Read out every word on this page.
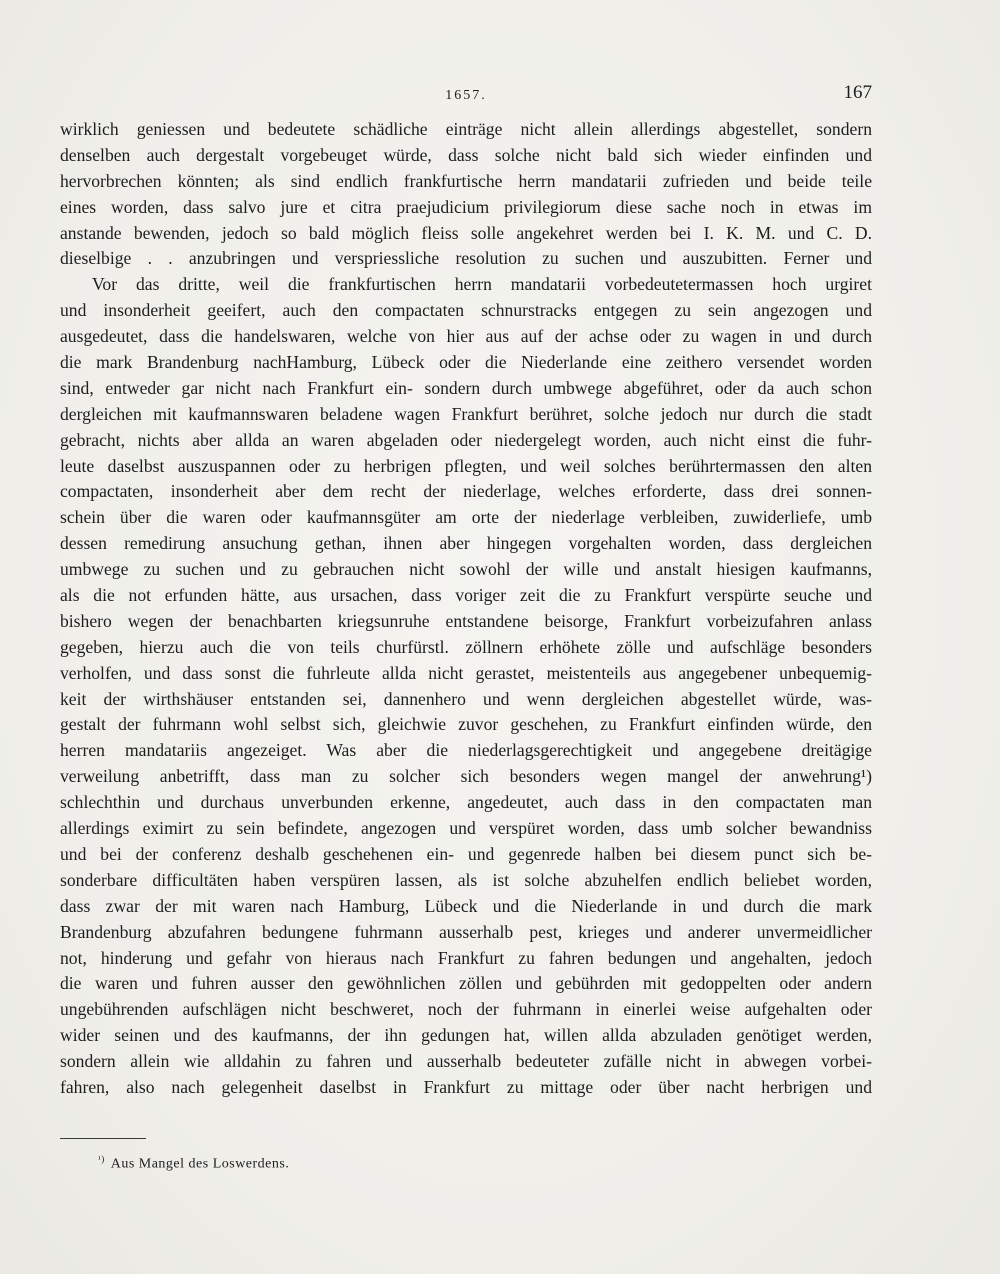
1657.	167
wirklich geniessen und bedeutete schädliche einträge nicht allein allerdings abgestellet, sondern
denselben auch dergestalt vorgebeuget würde, dass solche nicht bald sich wieder einfinden und
hervorbrechen könnten; als sind endlich frankfurtische herrn mandatarii zufrieden und beide teile
eines worden, dass salvo jure et citra praejudicium privilegiorum diese sache noch in etwas im
anstande bewenden, jedoch so bald möglich fleiss solle angekehret werden bei I. K. M. und C. D.
dieselbige . . anzubringen und verspriessliche resolution zu suchen und auszubitten. Ferner und
Vor das dritte, weil die frankfurtischen herrn mandatarii vorbedeutetermassen hoch urgiret
und insonderheit geeifert, auch den compactaten schnurstracks entgegen zu sein angezogen und
ausgedeutet, dass die handelswaren, welche von hier aus auf der achse oder zu wagen in und durch
die mark Brandenburg nachHamburg, Lübeck oder die Niederlande eine zeithero versendet worden
sind, entweder gar nicht nach Frankfurt ein- sondern durch umbwege abgeführet, oder da auch schon
dergleichen mit kaufmannswaren beladene wagen Frankfurt berühret, solche jedoch nur durch die stadt
gebracht, nichts aber allda an waren abgeladen oder niedergelegt worden, auch nicht einst die fuhr-
leute daselbst auszuspannen oder zu herbrigen pflegten, und weil solches berührtermassen den alten
compactaten, insonderheit aber dem recht der niederlage, welches erforderte, dass drei sonnen-
schein über die waren oder kaufmannsgüter am orte der niederlage verbleiben, zuwiderliefe, umb
dessen remedirung ansuchung gethan, ihnen aber hingegen vorgehalten worden, dass dergleichen
umbwege zu suchen und zu gebrauchen nicht sowohl der wille und anstalt hiesigen kaufmanns,
als die not erfunden hätte, aus ursachen, dass voriger zeit die zu Frankfurt verspürte seuche und
bishero wegen der benachbarten kriegsunruhe entstandene beisorge, Frankfurt vorbeizufahren anlass
gegeben, hierzu auch die von teils churfürstl. zöllnern erhöhete zölle und aufschläge besonders
verholfen, und dass sonst die fuhrleute allda nicht gerastet, meistenteils aus angegebener unbequemig-
keit der wirthshäuser entstanden sei, dannenhero und wenn dergleichen abgestellet würde, was-
gestalt der fuhrmann wohl selbst sich, gleichwie zuvor geschehen, zu Frankfurt einfinden würde, den
herren mandatariis angezeiget. Was aber die niederlagsgerechtigkeit und angegebene dreitägige
verweilung anbetrifft, dass man zu solcher sich besonders wegen mangel der anwehrung¹)
schlechthin und durchaus unverbunden erkenne, angedeutet, auch dass in den compactaten man
allerdings eximirt zu sein befindete, angezogen und verspüret worden, dass umb solcher bewandniss
und bei der conferenz deshalb geschehenen ein- und gegenrede halben bei diesem punct sich be-
sonderbare difficultäten haben verspüren lassen, als ist solche abzuhelfen endlich beliebet worden,
dass zwar der mit waren nach Hamburg, Lübeck und die Niederlande in und durch die mark
Brandenburg abzufahren bedungene fuhrmann ausserhalb pest, krieges und anderer unvermeidlicher
not, hinderung und gefahr von hieraus nach Frankfurt zu fahren bedungen und angehalten, jedoch
die waren und fuhren ausser den gewöhnlichen zöllen und gebührden mit gedoppelten oder andern
ungebührenden aufschlägen nicht beschweret, noch der fuhrmann in einerlei weise aufgehalten oder
wider seinen und des kaufmanns, der ihn gedungen hat, willen allda abzuladen genötiget werden,
sondern allein wie alldahin zu fahren und ausserhalb bedeuteter zufälle nicht in abwegen vorbei-
fahren, also nach gelegenheit daselbst in Frankfurt zu mittage oder über nacht herbrigen und
$^{^1)}$ Aus Mangel des Loswerdens.
